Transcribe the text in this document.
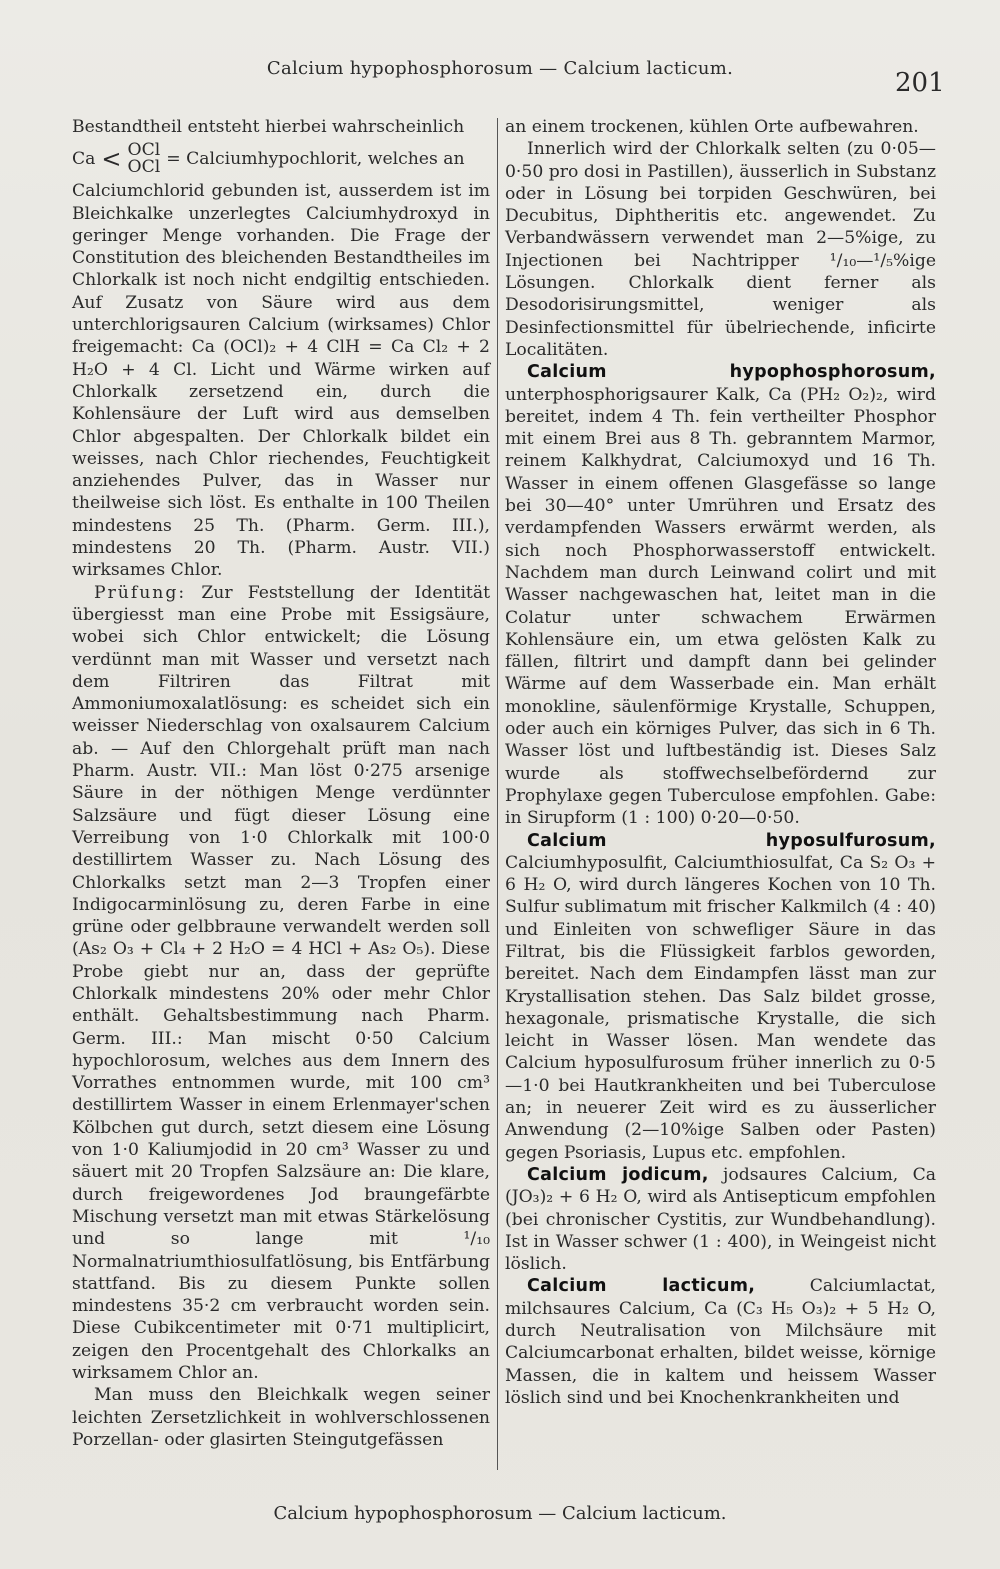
Calcium hypophosphorosum — Calcium lacticum.	201

Bestandtheil entsteht hierbei wahrscheinlich

Ca < OCl
OCl = Calciumhypochlorit, welches an

Calciumchlorid gebunden ist, ausserdem ist im Bleichkalke unzerlegtes Calciumhydroxyd in geringer Menge vorhanden. Die Frage der Constitution des bleichenden Bestandtheiles im Chlorkalk ist noch nicht endgiltig entschieden. Auf Zusatz von Säure wird aus dem unterchlorigsauren Calcium (wirksames) Chlor freigemacht: Ca (OCl)₂ + 4 ClH = Ca Cl₂ + 2 H₂O + 4 Cl. Licht und Wärme wirken auf Chlorkalk zersetzend ein, durch die Kohlensäure der Luft wird aus demselben Chlor abgespalten. Der Chlorkalk bildet ein weisses, nach Chlor riechendes, Feuchtigkeit anziehendes Pulver, das in Wasser nur theilweise sich löst. Es enthalte in 100 Theilen mindestens 25 Th. (Pharm. Germ. III.), mindestens 20 Th. (Pharm. Austr. VII.) wirksames Chlor.

Prüfung: Zur Feststellung der Identität übergiesst man eine Probe mit Essigsäure, wobei sich Chlor entwickelt; die Lösung verdünnt man mit Wasser und versetzt nach dem Filtriren das Filtrat mit Ammoniumoxalatlösung: es scheidet sich ein weisser Niederschlag von oxalsaurem Calcium ab. — Auf den Chlorgehalt prüft man nach Pharm. Austr. VII.: Man löst 0·275 arsenige Säure in der nöthigen Menge verdünnter Salzsäure und fügt dieser Lösung eine Verreibung von 1·0 Chlorkalk mit 100·0 destillirtem Wasser zu. Nach Lösung des Chlorkalks setzt man 2—3 Tropfen einer Indigocarminlösung zu, deren Farbe in eine grüne oder gelbbraune verwandelt werden soll (As₂ O₃ + Cl₄ + 2 H₂O = 4 HCl + As₂ O₅). Diese Probe giebt nur an, dass der geprüfte Chlorkalk mindestens 20% oder mehr Chlor enthält. Gehaltsbestimmung nach Pharm. Germ. III.: Man mischt 0·50 Calcium hypochlorosum, welches aus dem Innern des Vorrathes entnommen wurde, mit 100 cm³ destillirtem Wasser in einem Erlenmayer'schen Kölbchen gut durch, setzt diesem eine Lösung von 1·0 Kaliumjodid in 20 cm³ Wasser zu und säuert mit 20 Tropfen Salzsäure an: Die klare, durch freigewordenes Jod braungefärbte Mischung versetzt man mit etwas Stärkelösung und so lange mit ¹/₁₀ Normalnatriumthiosulfatlösung, bis Entfärbung stattfand. Bis zu diesem Punkte sollen mindestens 35·2 cm verbraucht worden sein. Diese Cubikcentimeter mit 0·71 multiplicirt, zeigen den Procentgehalt des Chlorkalks an wirksamem Chlor an.

Man muss den Bleichkalk wegen seiner leichten Zersetzlichkeit in wohlverschlossenen Porzellan- oder glasirten Steingutgefässen

an einem trockenen, kühlen Orte aufbewahren.

Innerlich wird der Chlorkalk selten (zu 0·05—0·50 pro dosi in Pastillen), äusserlich in Substanz oder in Lösung bei torpiden Geschwüren, bei Decubitus, Diphtheritis etc. angewendet. Zu Verbandwässern verwendet man 2—5%ige, zu Injectionen bei Nachtripper ¹/₁₀—¹/₅%ige Lösungen. Chlorkalk dient ferner als Desodorisirungsmittel, weniger als Desinfectionsmittel für übelriechende, inficirte Localitäten.

Calcium hypophosphorosum, unterphosphorigsaurer Kalk, Ca (PH₂ O₂)₂, wird bereitet, indem 4 Th. fein vertheilter Phosphor mit einem Brei aus 8 Th. gebranntem Marmor, reinem Kalkhydrat, Calciumoxyd und 16 Th. Wasser in einem offenen Glasgefässe so lange bei 30—40° unter Umrühren und Ersatz des verdampfenden Wassers erwärmt werden, als sich noch Phosphorwasserstoff entwickelt. Nachdem man durch Leinwand colirt und mit Wasser nachgewaschen hat, leitet man in die Colatur unter schwachem Erwärmen Kohlensäure ein, um etwa gelösten Kalk zu fällen, filtrirt und dampft dann bei gelinder Wärme auf dem Wasserbade ein. Man erhält monokline, säulenförmige Krystalle, Schuppen, oder auch ein körniges Pulver, das sich in 6 Th. Wasser löst und luftbeständig ist. Dieses Salz wurde als stoffwechselbefördernd zur Prophylaxe gegen Tuberculose empfohlen. Gabe: in Sirupform (1 : 100) 0·20—0·50.

Calcium hyposulfurosum, Calciumhyposulfit, Calciumthiosulfat, Ca S₂ O₃ + 6 H₂ O, wird durch längeres Kochen von 10 Th. Sulfur sublimatum mit frischer Kalkmilch (4 : 40) und Einleiten von schwefliger Säure in das Filtrat, bis die Flüssigkeit farblos geworden, bereitet. Nach dem Eindampfen lässt man zur Krystallisation stehen. Das Salz bildet grosse, hexagonale, prismatische Krystalle, die sich leicht in Wasser lösen. Man wendete das Calcium hyposulfurosum früher innerlich zu 0·5—1·0 bei Hautkrankheiten und bei Tuberculose an; in neuerer Zeit wird es zu äusserlicher Anwendung (2—10%ige Salben oder Pasten) gegen Psoriasis, Lupus etc. empfohlen.

Calcium jodicum, jodsaures Calcium, Ca (JO₃)₂ + 6 H₂ O, wird als Antisepticum empfohlen (bei chronischer Cystitis, zur Wundbehandlung). Ist in Wasser schwer (1 : 400), in Weingeist nicht löslich.

Calcium lacticum, Calciumlactat, milchsaures Calcium, Ca (C₃ H₅ O₃)₂ + 5 H₂ O, durch Neutralisation von Milchsäure mit Calciumcarbonat erhalten, bildet weisse, körnige Massen, die in kaltem und heissem Wasser löslich sind und bei Knochenkrankheiten und

Calcium hypophosphorosum — Calcium lacticum.
